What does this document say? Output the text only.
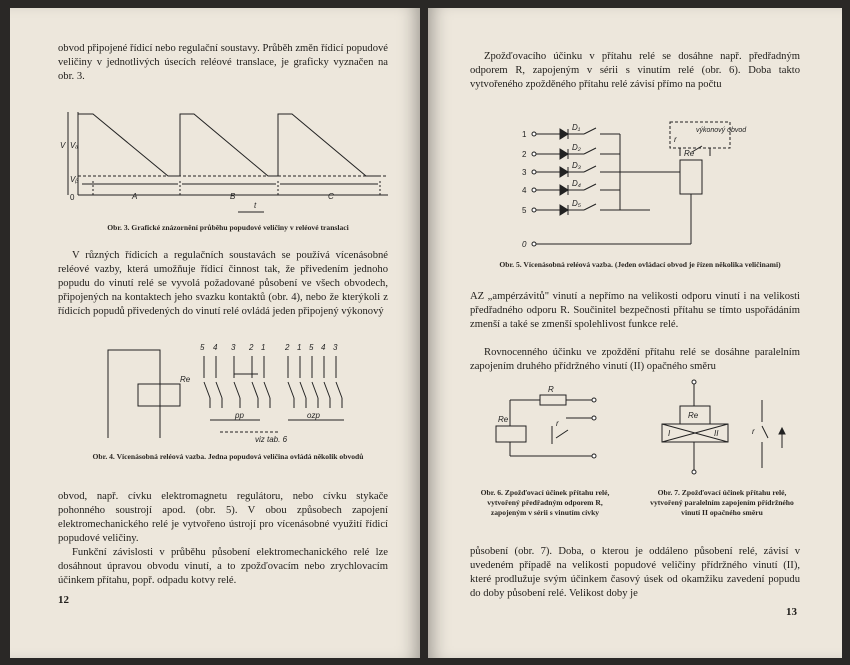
obvod připojené řídicí nebo regulační soustavy. Průběh změn řídicí popudové veličiny v jednotlivých úsecích reléové translace, je graficky vyznačen na obr. 3.
V Vₐ
Vᵦ
0	A	B	C
t
Obr. 3. Grafické znázornění průběhu popudové veličiny v reléové translaci
V různých řídicích a regulačních soustavách se používá vícenásobné reléové vazby, která umožňuje řídicí činnost tak, že přivedením jednoho popudu do vinutí relé se vyvolá požadované působení ve všech obvodech, připojených na kontaktech jeho svazku kontaktů (obr. 4), nebo že kterýkoli z řídicích popudů přivedených do vinutí relé ovládá jeden připojený výkonový
Re
5 4 3 2 1 2 1 5 4 3
pp	ozp
viz tab. 6
Obr. 4. Vícenásobná reléová vazba. Jedna popudová veličina ovládá několik obvodů
obvod, např. cívku elektromagnetu regulátoru, nebo cívku stykače pohonného soustrojí apod. (obr. 5). V obou způsobech zapojení elektromechanického relé je vytvořeno ústrojí pro vícenásobné využití řídicí popudové veličiny.
Funkční závislosti v průběhu působení elektromechanického relé lze dosáhnout úpravou obvodu vinutí, a to zpožďovacím nebo zrychlovacím účinkem přítahu, popř. odpadu kotvy relé.
12
Zpožďovacího účinku v přítahu relé se dosáhne např. předřadným odporem R, zapojeným v sérii s vinutím relé (obr. 6). Doba takto vytvořeného zpožděného přítahu relé závisí přímo na počtu
1
2
3
4
5
0
D₁
D₂
D₃
D₄
D₅
r
výkonový obvod
Re
Obr. 5. Vícenásobná reléová vazba. (Jeden ovládací obvod je řízen několika veličinami)
AZ „ampérzávitů" vinutí a nepřímo na velikosti odporu vinutí i na velikosti předřadného odporu R. Součinitel bezpečnosti přítahu se tímto uspořádáním zmenší a také se zmenší spolehlivost funkce relé.
Rovnocenného účinku ve zpoždění přítahu relé se dosáhne paralelním zapojením druhého přídržného vinutí (II) opačného směru
R
Re	r
Obr. 6. Zpožďovací účinek přítahu relé, vytvořený předřadným odporem R, zapojeným v sérii s vinutím cívky
Re
I	II	r
Obr. 7. Zpožďovací účinek přítahu relé, vytvořený paralelním zapojením přídržného vinutí II opačného směru
působení (obr. 7). Doba, o kterou je oddáleno působení relé, závisí v uvedeném případě na velikosti popudové veličiny přídržného vinutí (II), které prodlužuje svým účinkem časový úsek od okamžiku zavedení popudu do doby působení relé. Velikost doby je
13
